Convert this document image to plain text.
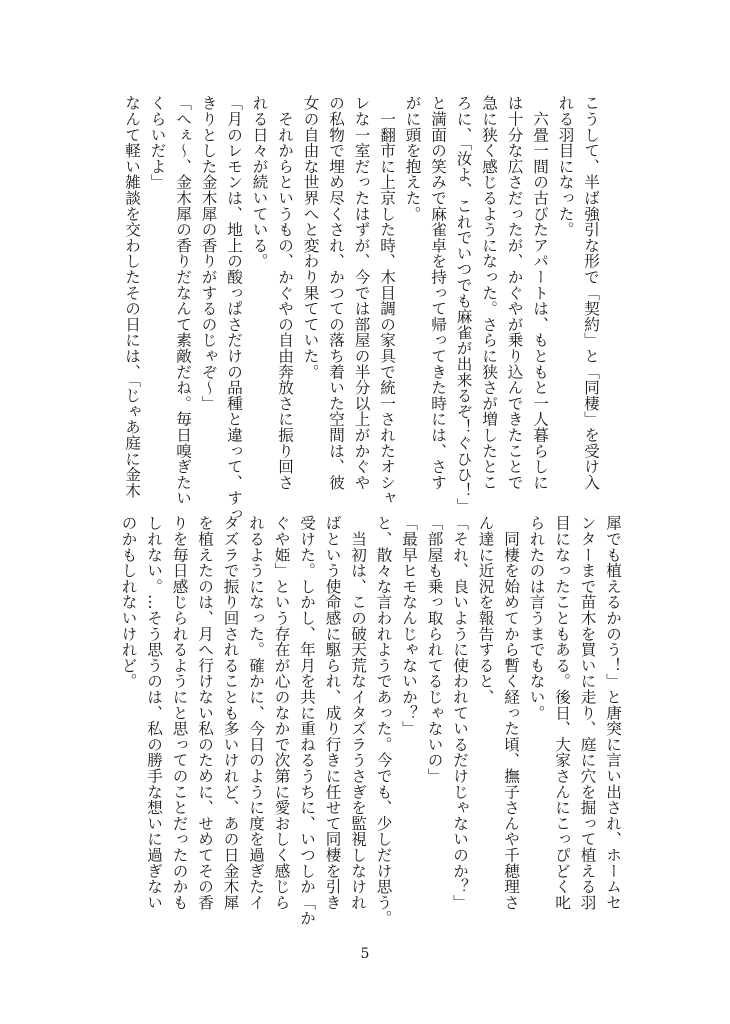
こうして、半ば強引な形で「契約」と「同棲」を受け入
れる羽目になった。
　六畳一間の古びたアパートは、もともと一人暮らしに
は十分な広さだったが、かぐやが乗り込んできたことで
急に狭く感じるようになった。さらに狭さが増したとこ
ろに、「汝よ、これでいつでも麻雀が出来るぞ！ぐひひ！」
と満面の笑みで麻雀卓を持って帰ってきた時には、さす
がに頭を抱えた。
　一翻市に上京した時、木目調の家具で統一されたオシャ
レな一室だったはずが、今では部屋の半分以上がかぐや
の私物で埋め尽くされ、かつての落ち着いた空間は、彼
女の自由な世界へと変わり果てていた。
　それからというもの、かぐやの自由奔放さに振り回さ
れる日々が続いている。
「月のレモンは、地上の酸っぱさだけの品種と違って、すっ
きりとした金木犀の香りがするのじゃぞ～」
「へぇ～、金木犀の香りだなんて素敵だね。毎日嗅ぎたい
くらいだよ」
なんて軽い雑談を交わしたその日には、「じゃあ庭に金木
犀でも植えるかのう！」と唐突に言い出され、ホームセ
ンターまで苗木を買いに走り、庭に穴を掘って植える羽
目になったこともある。後日、大家さんにこっぴどく叱
られたのは言うまでもない。
　同棲を始めてから暫く経った頃、撫子さんや千穂理さ
ん達に近況を報告すると、
「それ、良いように使われているだけじゃないのか？」
「部屋も乗っ取られてるじゃないの」
「最早ヒモなんじゃないか？」
と、散々な言われようであった。今でも、少しだけ思う。
　当初は、この破天荒なイタズラうさぎを監視しなけれ
ばという使命感に駆られ、成り行きに任せて同棲を引き
受けた。しかし、年月を共に重ねるうちに、いつしか「か
ぐや姫」という存在が心のなかで次第に愛おしく感じら
れるようになった。確かに、今日のように度を過ぎたイ
タズラで振り回されることも多いけれど、あの日金木犀
を植えたのは、月へ行けない私のために、せめてその香
りを毎日感じられるようにと思ってのことだったのかも
しれない。…そう思うのは、私の勝手な想いに過ぎない
のかもしれないけれど。
5
